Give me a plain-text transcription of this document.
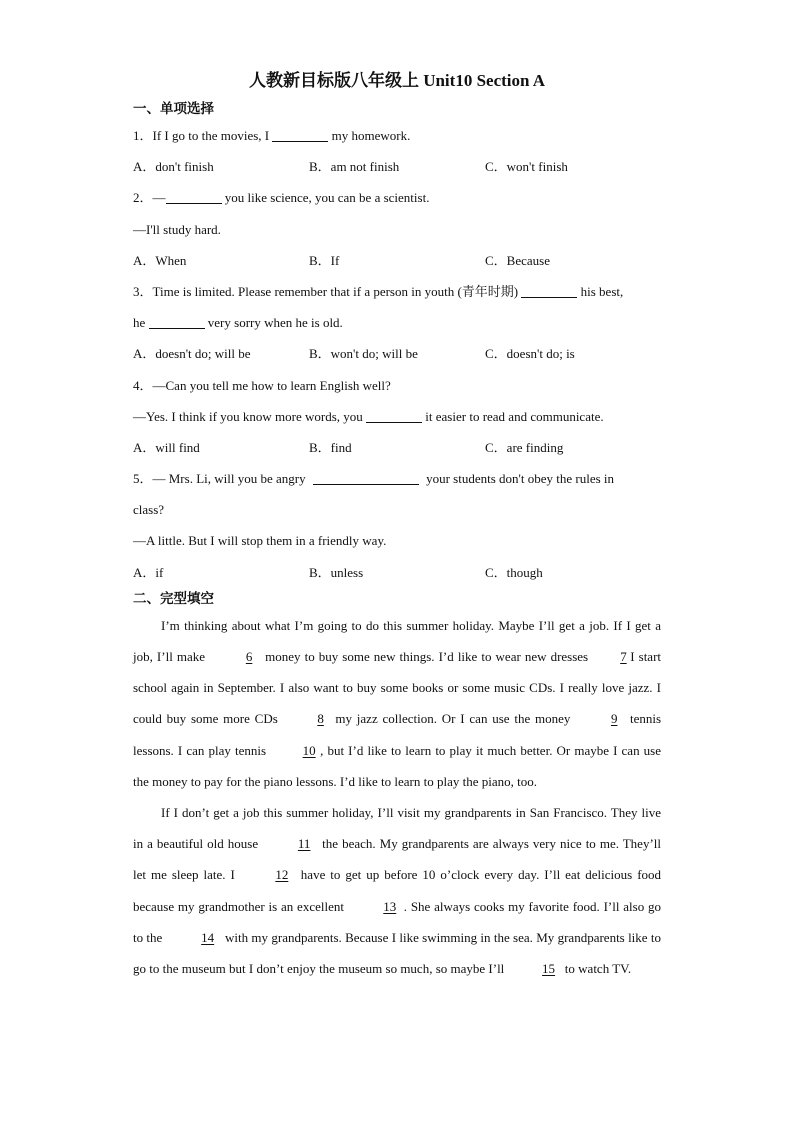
人教新目标版八年级上 Unit10 Section A
一、单项选择
1．If I go to the movies, I	my homework.
A．don't finish	B．am not finish	C．won't finish
2．—	you like science, you can be a scientist.
—I'll study hard.
A．When	B．If	C．Because
3．Time is limited. Please remember that if a person in youth (青年时期)	his best,
he	very sorry when he is old.
A．doesn't do; will be	B．won't do; will be	C．doesn't do; is
4．—Can you tell me how to learn English well?
—Yes. I think if you know more words, you	it easier to read and communicate.
A．will find	B．find	C．are finding
5．— Mrs. Li, will you be angry	your students don't obey the rules in
class?
—A little. But I will stop them in a friendly way.
A．if	B．unless	C．though
二、完型填空
I’m thinking about what I’m going to do this summer holiday. Maybe I’ll get a job. If I get a job, I’ll make	6 money to buy some new things. I’d like to wear new dresses 7 I start school again in September. I also want to buy some books or some music CDs. I really love jazz. I could buy some more CDs	8 my jazz collection. Or I can use the money	9 tennis lessons. I can play tennis	10 , but I’d like to learn to play it much better. Or maybe I can use the money to pay for the piano lessons. I’d like to learn to play the piano, too.
If I don’t get a job this summer holiday, I’ll visit my grandparents in San Francisco. They live in a beautiful old house	11 the beach. My grandparents are always very nice to me. They’ll let me sleep late. I	12 have to get up before 10 o’clock every day. I’ll eat delicious food because my grandmother is an excellent	13 . She always cooks my favorite food. I’ll also go to the	14 with my grandparents. Because I like swimming in the sea. My grandparents like to go to the museum but I don’t enjoy the museum so much, so maybe I’ll	15 to watch TV.
